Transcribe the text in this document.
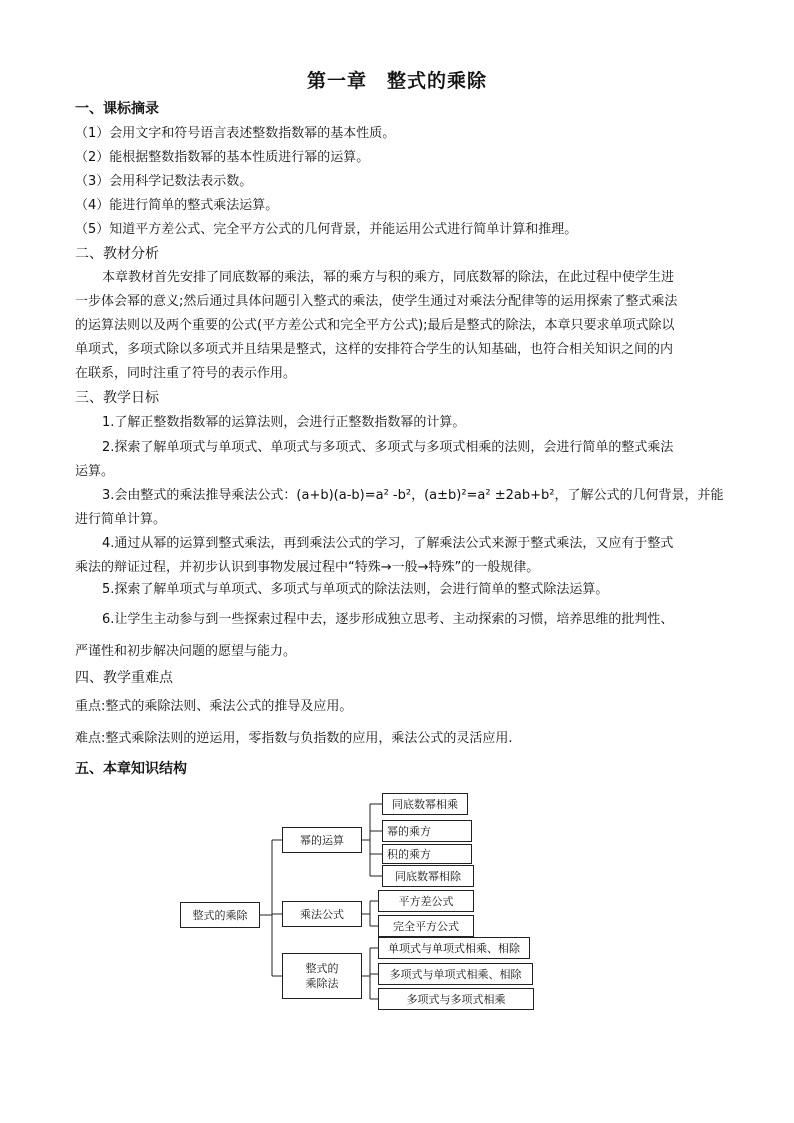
第一章　整式的乘除
一、课标摘录
（1）会用文字和符号语言表述整数指数幂的基本性质。
（2）能根据整数指数幂的基本性质进行幂的运算。
（3）会用科学记数法表示数。
（4）能进行简单的整式乘法运算。
（5）知道平方差公式、完全平方公式的几何背景，并能运用公式进行简单计算和推理。
二、教材分析
本章教材首先安排了同底数幂的乘法，幂的乘方与积的乘方，同底数幂的除法，在此过程中使学生进
一步体会幂的意义;然后通过具体问题引入整式的乘法，使学生通过对乘法分配律等的运用探索了整式乘法
的运算法则以及两个重要的公式(平方差公式和完全平方公式);最后是整式的除法，本章只要求单项式除以
单项式，多项式除以多项式并且结果是整式，这样的安排符合学生的认知基础，也符合相关知识之间的内
在联系，同时注重了符号的表示作用。
三、教学日标
1.了解正整数指数幂的运算法则，会进行正整数指数幂的计算。
2.探索了解单项式与单项式、单项式与多项式、多项式与多项式相乘的法则，会进行简单的整式乘法
运算。
3.会由整式的乘法推导乘法公式：(a+b)(a-b)=a² -b²，(a±b)²=a² ±2ab+b²，了解公式的几何背景，并能
进行简单计算。
4.通过从幂的运算到整式乘法，再到乘法公式的学习，了解乘法公式来源于整式乘法，又应有于整式
乘法的辩证过程，并初步认识到事物发展过程中“特殊→一般→特殊”的一般规律。
5.探索了解单项式与单项式、多项式与单项式的除法法则，会进行简单的整式除法运算。
6.让学生主动参与到一些探索过程中去，逐步形成独立思考、主动探索的习惯，培养思维的批判性、
严谨性和初步解决问题的愿望与能力。
四、教学重难点
重点:整式的乘除法则、乘法公式的推导及应用。
难点:整式乘除法则的逆运用，零指数与负指数的应用，乘法公式的灵活应用.
五、本章知识结构
整式的乘除
幂的运算
乘法公式
整式的乘除法
同底数幂相乘
幂的乘方
积的乘方
同底数幂相除
平方差公式
完全平方公式
单项式与单项式相乘、相除
多项式与单项式相乘、相除
多项式与多项式相乘
